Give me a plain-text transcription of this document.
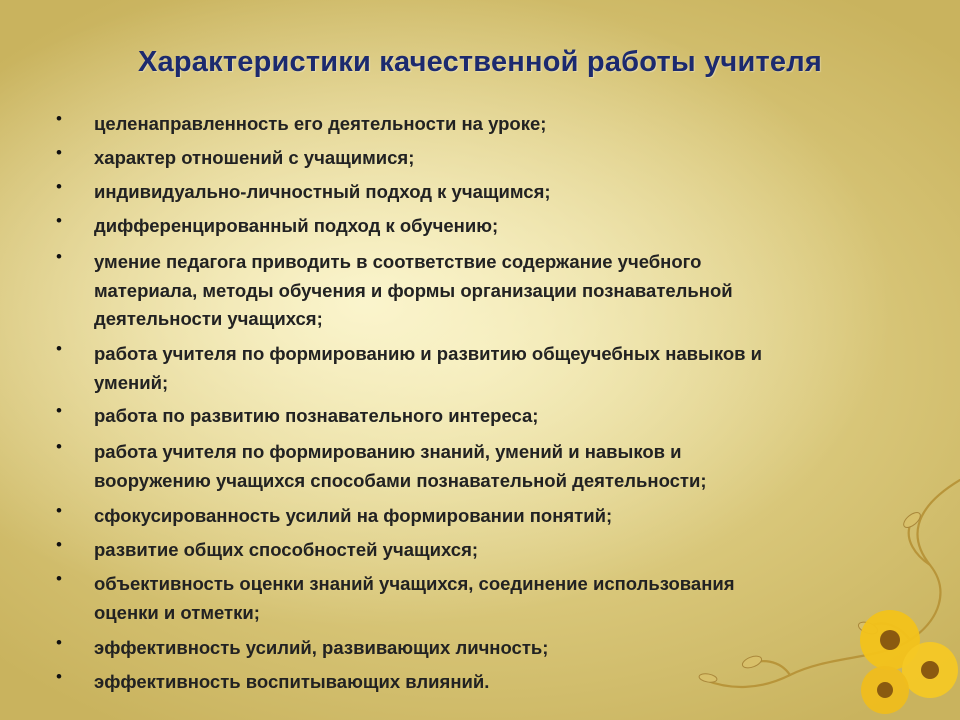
Характеристики качественной работы учителя
•	целенаправленность его деятельности на уроке;
•	характер отношений с учащимися;
•	индивидуально-личностный подход к учащимся;
•	дифференцированный подход к обучению;
•	умение педагога приводить в соответствие содержание учебного
материала, методы обучения и формы организации познавательной
деятельности учащихся;
•	работа учителя по формированию и развитию общеучебных навыков и
умений;
•	работа по развитию познавательного интереса;
•	работа учителя по формированию знаний, умений и навыков и
вооружению учащихся способами познавательной деятельности;
•	сфокусированность усилий на формировании понятий;
•	развитие общих способностей учащихся;
•	объективность оценки знаний учащихся, соединение использования
оценки и отметки;
•	эффективность усилий, развивающих личность;
•	эффективность воспитывающих влияний.
